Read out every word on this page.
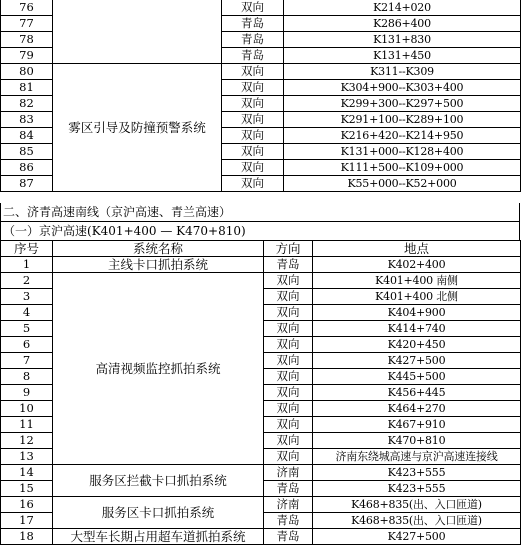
76		双向	K214+020
77		青岛	K286+400
78		青岛	K131+830
79		青岛	K131+450
80	雾区引导及防撞预警系统	双向	K311--K309
81		双向	K304+900--K303+400
82		双向	K299+300--K297+500
83		双向	K291+100--K289+100
84		双向	K216+420--K214+950
85		双向	K131+000--K128+400
86		双向	K111+500--K109+000
87		双向	K55+000--K52+000
二、济青高速南线（京沪高速、青兰高速）
（一）京沪高速(K401+400 — K470+810)
序号	系统名称	方向	地点
1	主线卡口抓拍系统	青岛	K402+400
2	高清视频监控抓拍系统	双向	K401+400 南侧
3		双向	K401+400 北侧
4		双向	K404+900
5		双向	K414+740
6		双向	K420+450
7		双向	K427+500
8		双向	K445+500
9		双向	K456+445
10		双向	K464+270
11		双向	K467+910
12		双向	K470+810
13		双向	济南东绕城高速与京沪高速连接线
14	服务区拦截卡口抓拍系统	济南	K423+555
15		青岛	K423+555
16	服务区卡口抓拍系统	济南	K468+835(出、入口匝道)
17		青岛	K468+835(出、入口匝道)
18	大型车长期占用超车道抓拍系统	青岛	K427+500
